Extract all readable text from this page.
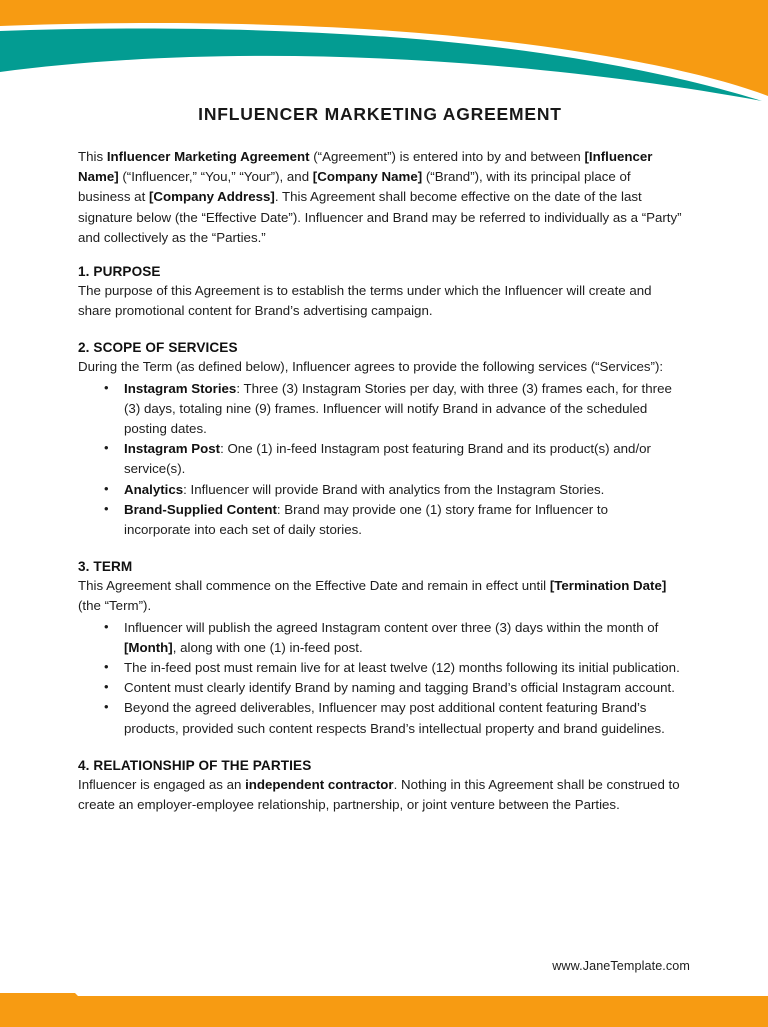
INFLUENCER MARKETING AGREEMENT

This Influencer Marketing Agreement (“Agreement”) is entered into by and between [Influencer Name] (“Influencer,” “You,” “Your”), and [Company Name] (“Brand”), with its principal place of business at [Company Address]. This Agreement shall become effective on the date of the last signature below (the “Effective Date”). Influencer and Brand may be referred to individually as a “Party” and collectively as the “Parties.”

1. PURPOSE

The purpose of this Agreement is to establish the terms under which the Influencer will create and share promotional content for Brand’s advertising campaign.

2. SCOPE OF SERVICES

During the Term (as defined below), Influencer agrees to provide the following services (“Services”):

• Instagram Stories: Three (3) Instagram Stories per day, with three (3) frames each, for three (3) days, totaling nine (9) frames. Influencer will notify Brand in advance of the scheduled posting dates.
• Instagram Post: One (1) in-feed Instagram post featuring Brand and its product(s) and/or service(s).
• Analytics: Influencer will provide Brand with analytics from the Instagram Stories.
• Brand-Supplied Content: Brand may provide one (1) story frame for Influencer to incorporate into each set of daily stories.
3. TERM

This Agreement shall commence on the Effective Date and remain in effect until [Termination Date] (the “Term”).

• Influencer will publish the agreed Instagram content over three (3) days within the month of [Month], along with one (1) in-feed post.
• The in-feed post must remain live for at least twelve (12) months following its initial publication.
• Content must clearly identify Brand by naming and tagging Brand’s official Instagram account.
• Beyond the agreed deliverables, Influencer may post additional content featuring Brand’s products, provided such content respects Brand’s intellectual property and brand guidelines.
4. RELATIONSHIP OF THE PARTIES

Influencer is engaged as an independent contractor. Nothing in this Agreement shall be construed to create an employer-employee relationship, partnership, or joint venture between the Parties.

www.JaneTemplate.com
